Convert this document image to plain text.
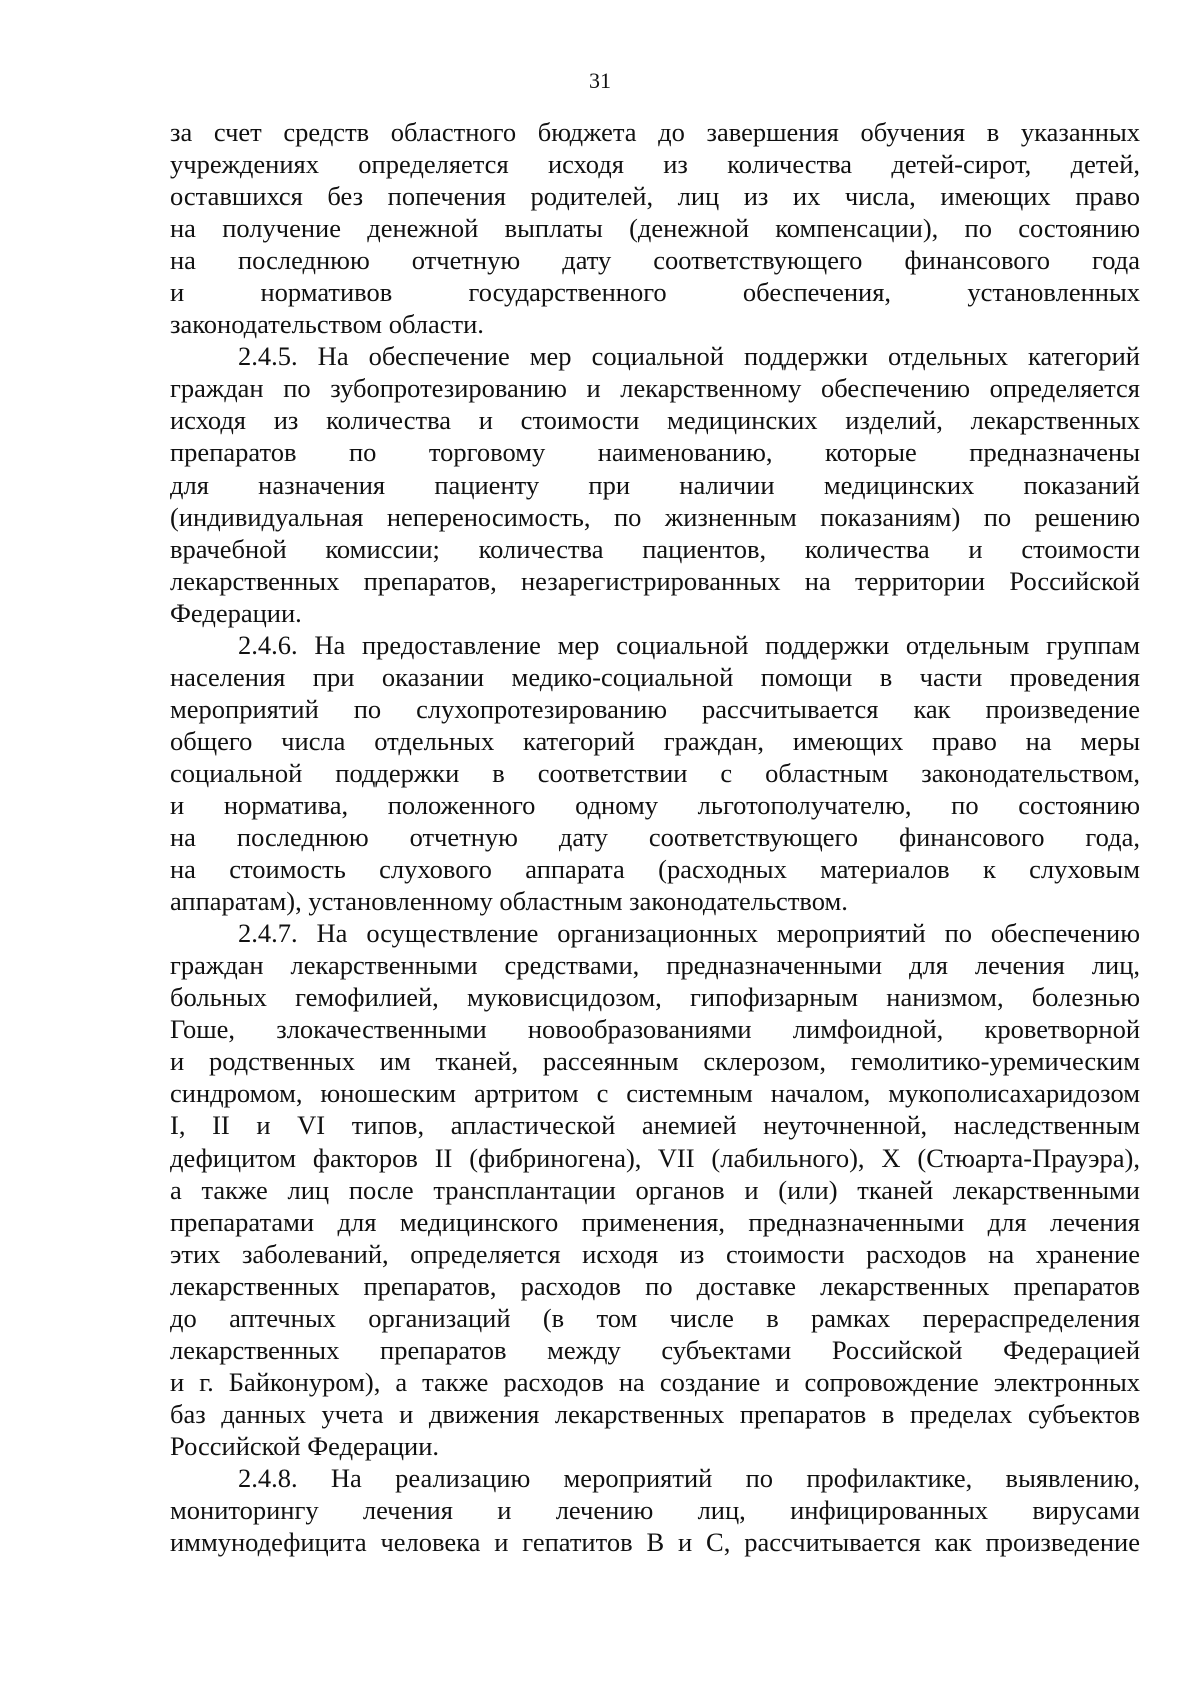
31
за счет средств областного бюджета до завершения обучения в указанных
учреждениях определяется исходя из количества детей-сирот, детей,
оставшихся без попечения родителей, лиц из их числа, имеющих право
на получение денежной выплаты (денежной компенсации), по состоянию
на последнюю отчетную дату соответствующего финансового года
и нормативов государственного обеспечения, установленных
законодательством области.
2.4.5. На обеспечение мер социальной поддержки отдельных категорий
граждан по зубопротезированию и лекарственному обеспечению определяется
исходя из количества и стоимости медицинских изделий, лекарственных
препаратов по торговому наименованию, которые предназначены
для назначения пациенту при наличии медицинских показаний
(индивидуальная непереносимость, по жизненным показаниям) по решению
врачебной комиссии; количества пациентов, количества и стоимости
лекарственных препаратов, незарегистрированных на территории Российской
Федерации.
2.4.6. На предоставление мер социальной поддержки отдельным группам
населения при оказании медико-социальной помощи в части проведения
мероприятий по слухопротезированию рассчитывается как произведение
общего числа отдельных категорий граждан, имеющих право на меры
социальной поддержки в соответствии с областным законодательством,
и норматива, положенного одному льготополучателю, по состоянию
на последнюю отчетную дату соответствующего финансового года,
на стоимость слухового аппарата (расходных материалов к слуховым
аппаратам), установленному областным законодательством.
2.4.7. На осуществление организационных мероприятий по обеспечению
граждан лекарственными средствами, предназначенными для лечения лиц,
больных гемофилией, муковисцидозом, гипофизарным нанизмом, болезнью
Гоше, злокачественными новообразованиями лимфоидной, кроветворной
и родственных им тканей, рассеянным склерозом, гемолитико-уремическим
синдромом, юношеским артритом с системным началом, мукополисахаридозом
I, II и VI типов, апластической анемией неуточненной, наследственным
дефицитом факторов II (фибриногена), VII (лабильного), X (Стюарта-Прауэра),
а также лиц после трансплантации органов и (или) тканей лекарственными
препаратами для медицинского применения, предназначенными для лечения
этих заболеваний, определяется исходя из стоимости расходов на хранение
лекарственных препаратов, расходов по доставке лекарственных препаратов
до аптечных организаций (в том числе в рамках перераспределения
лекарственных препаратов между субъектами Российской Федерацией
и г. Байконуром), а также расходов на создание и сопровождение электронных
баз данных учета и движения лекарственных препаратов в пределах субъектов
Российской Федерации.
2.4.8. На реализацию мероприятий по профилактике, выявлению,
мониторингу лечения и лечению лиц, инфицированных вирусами
иммунодефицита человека и гепатитов В и С, рассчитывается как произведение
